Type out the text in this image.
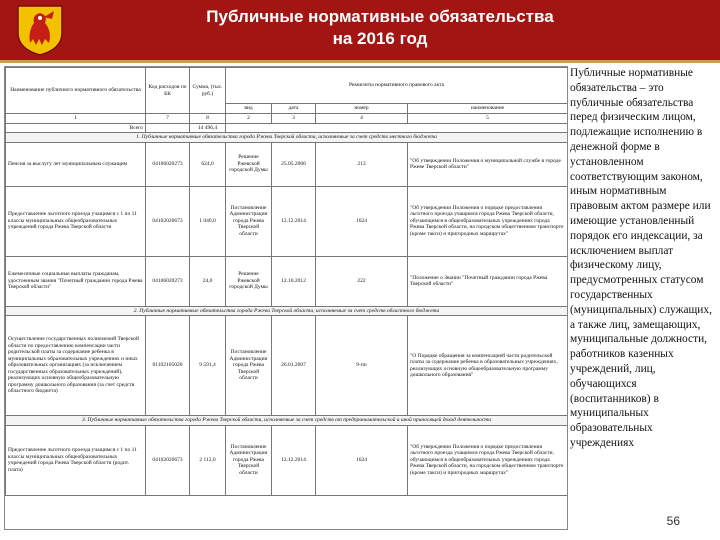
Публичные нормативные обязательства
на 2016 год
Наименование публичного нормативного обязательства	Код расходов по БК	Сумма, (тыс. руб.)	Реквизиты нормативного правового акта			
			вид	дата	номер	наименование
1	7	8	2	3	4	5
Всего		14 496,4				
1. Публичные нормативные обязательства города Ржева Тверской области, исполняемые за счет средств местного бюджета						
Пенсия за выслугу лет муниципальным служащим	04106020273	624,0	Решение Ржевской городской Думы	25.05.2006	213	"Об утверждении Положения о муниципальной службе в городе Ржеве Тверской области"
Предоставление льготного проезда учащимся с 1 по 11 классы муниципальных общеобразовательных учреждений города Ржева Тверской области	04102020673	1 040,0	Постановление Администрации города Ржева Тверской области	12.12.2014	1624	"Об утверждении Положения о порядке предоставления льготного проезда учащимся города Ржева Тверской области, обучающимся в общеобразовательных учреждениях города Ржева Тверской области, на городском общественном транспорте (кроме такси) и пригородных маршрутах"
Ежемесячные социальные выплаты гражданам, удостоенным звания "Почетный гражданин города Ржева Тверской области"	04106020273	24,0	Решение Ржевской городской Думы	12.10.2012	222	"Положение о Звании "Почетный гражданин города Ржева Тверской области"
2. Публичные нормативные обязательства города Ржева Тверской области, исполняемые за счет средств областного бюджета						
Осуществление государственных полномочий Тверской области по предоставлению компенсации части родительской платы за содержание ребенка в муниципальных образовательных учреждениях и иных образовательных организациях (за исключением государственных образовательных учреждений), реализующих основную общеобразовательную программу дошкольного образования (за счет средств областного бюджета)	01102105020	9 591,4	Постановление Администрации города Ржева Тверской области	26.01.2007	9-пп	"О Порядке обращения за компенсацией части родительской платы за содержание ребенка в образовательных учреждениях, реализующих основную общеобразовательную программу дошкольного образования"
3. Публичные нормативные обязательства города Ржева Тверской области, исполняемые за счет средств от предпринимательской и иной приносящей доход деятельности						
Предоставление льготного проезда учащимся с 1 по 11 классы муниципальных общеобразовательных учреждений города Ржева Тверской области (родит. плата)	04102020673	2 112,0	Постановление Администрации города Ржева Тверской области	12.12.2014	1624	"Об утверждении Положения о порядке предоставления льготного проезда учащимся города Ржева Тверской области, обучающимся в общеобразовательных учреждениях города Ржева Тверской области, на городском общественном транспорте (кроме такси) и пригородных маршрутах"
Публичные нормативные обязательства – это публичные обязательства перед физическим лицом, подлежащие исполнению в денежной форме в установленном соответствующим законом, иным нормативным правовым актом размере или имеющие установленный порядок его индексации, за исключением выплат физическому лицу, предусмотренных статусом государственных (муниципальных) служащих, а также лиц, замещающих, муниципальные должности, работников казенных учреждений, лиц, обучающихся (воспитанников) в муниципальных образовательных учреждениях
56
